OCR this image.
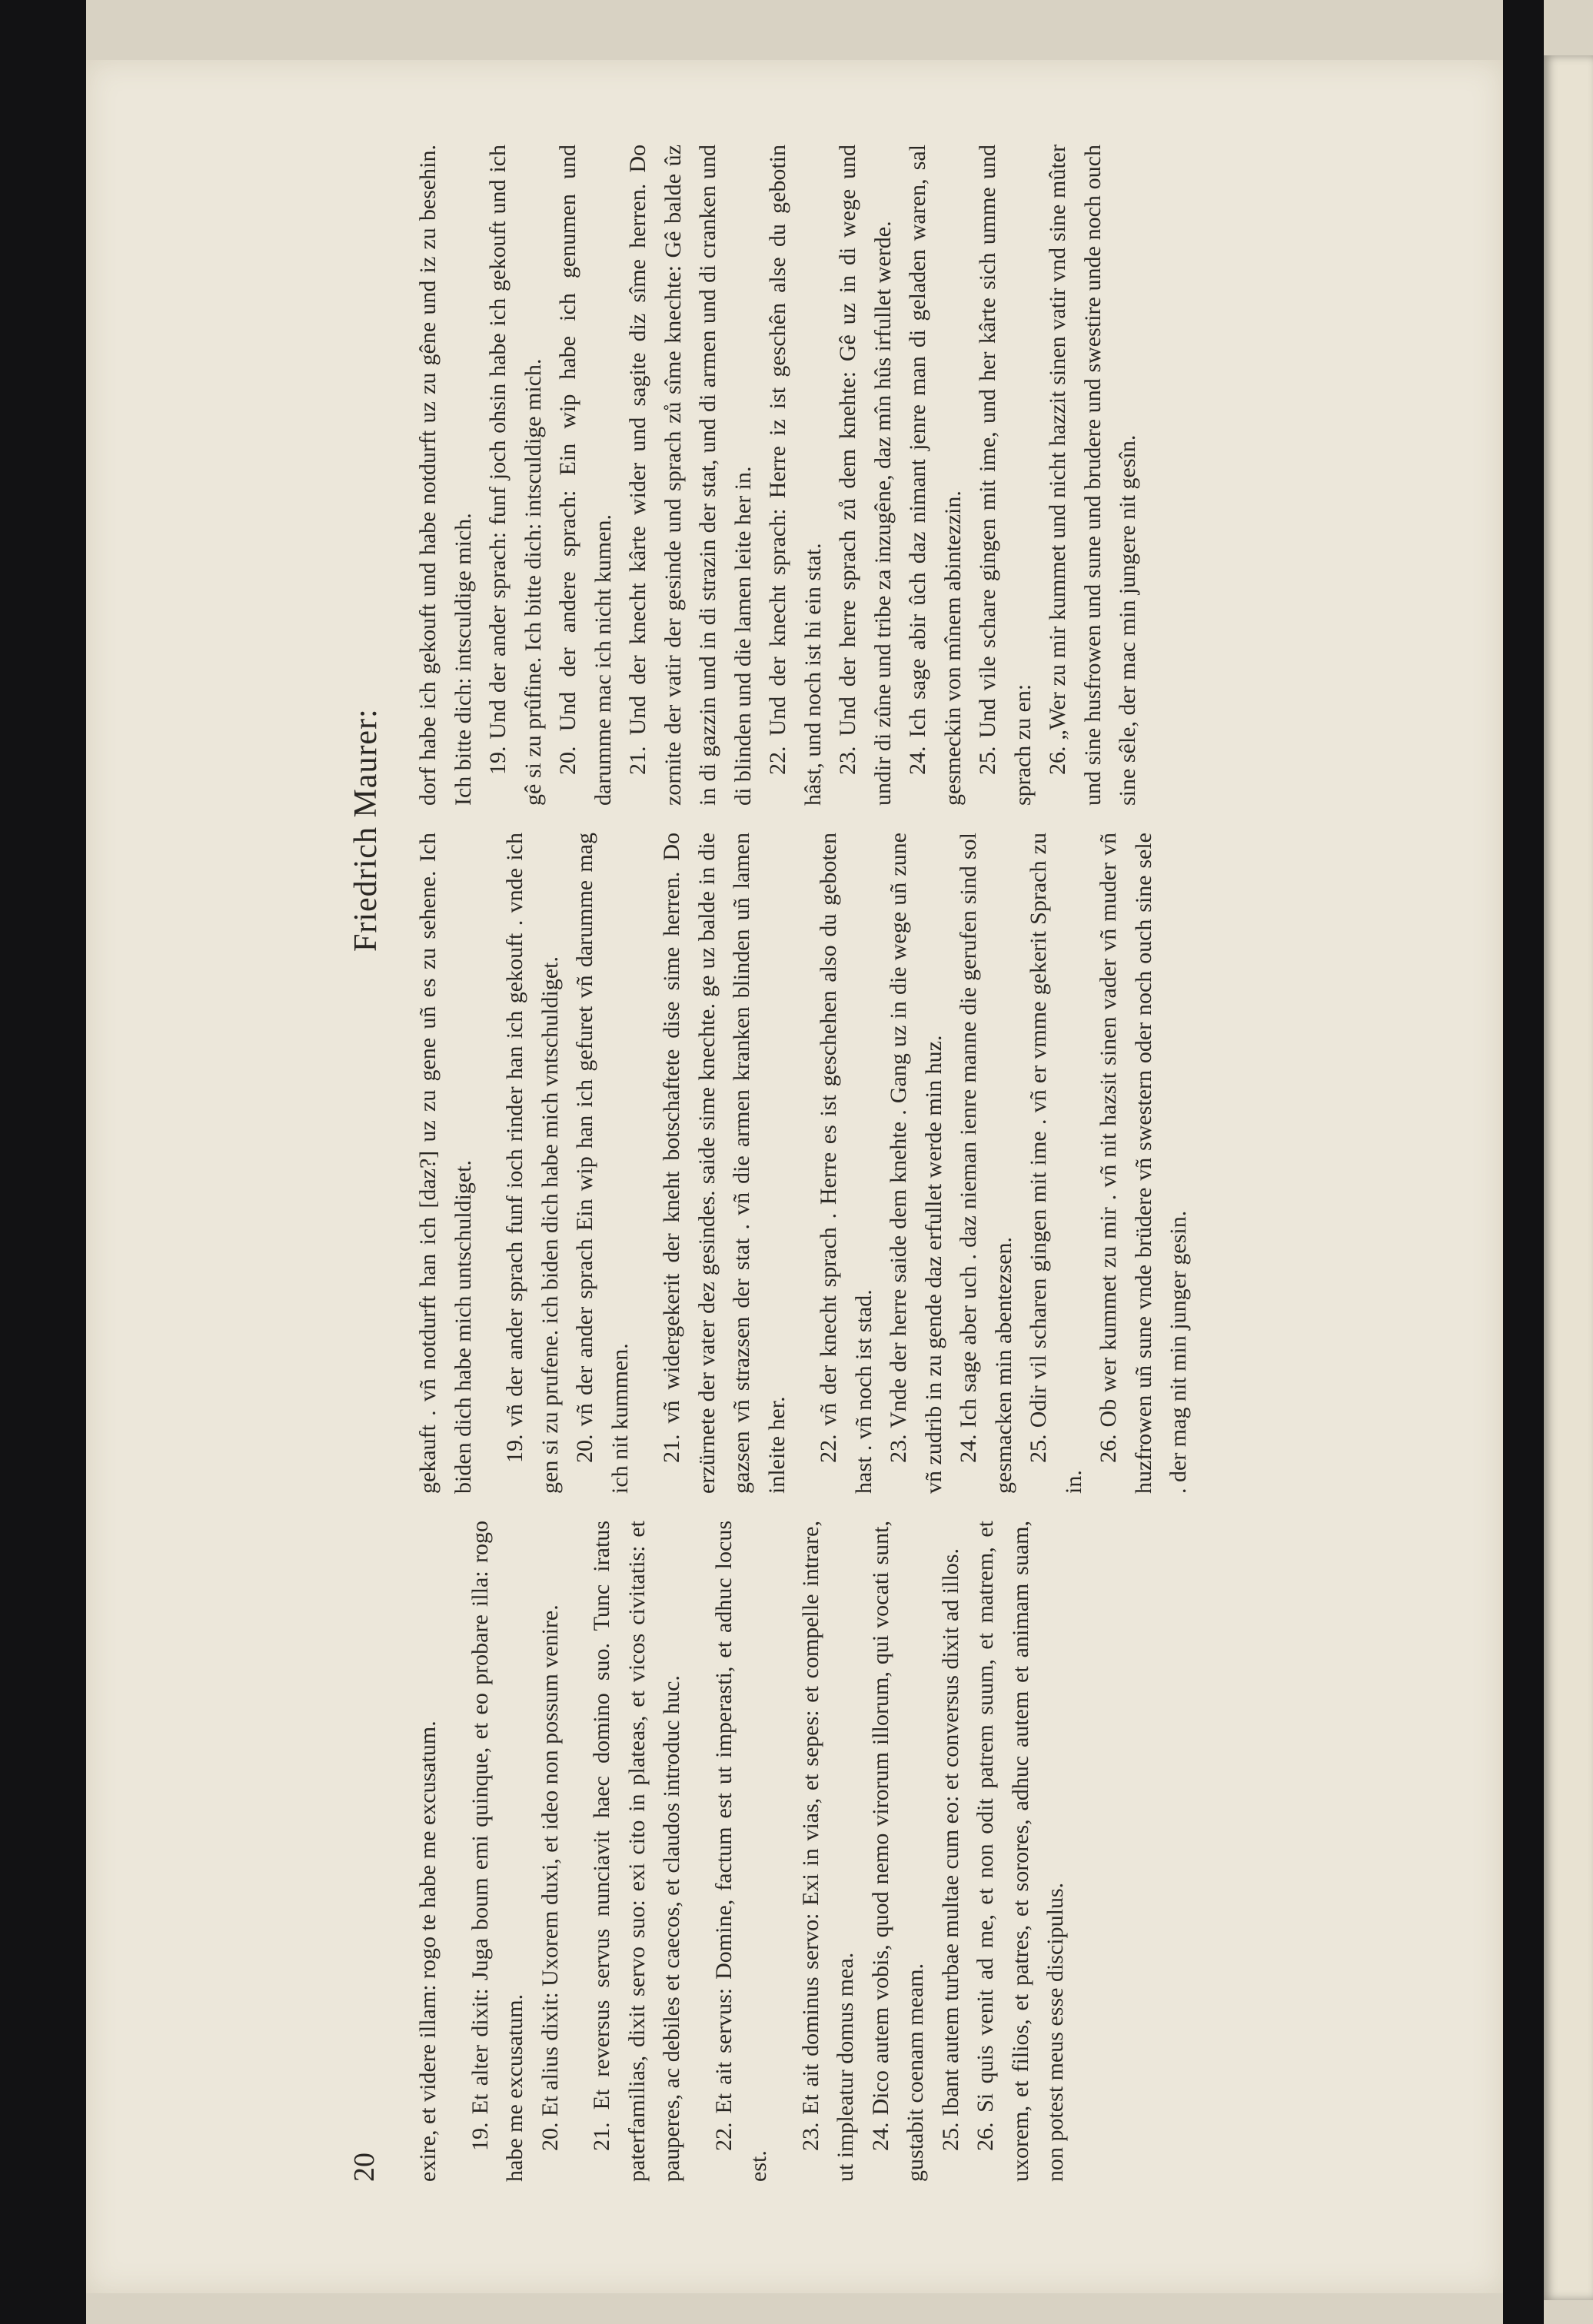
20
Friedrich Maurer:

exire, et videre illam: rogo te habe me excusatum. 19. Et alter dixit: Juga boum emi quinque, et eo probare illa: rogo habe me excusatum. 20. Et alius dixit: Uxorem duxi, et ideo non possum venire. 21. Et reversus servus nunciavit haec domino suo. Tunc iratus paterfamilias, dixit servo suo: exi cito in plateas, et vicos civitatis: et pauperes, ac debiles et caecos, et claudos introduc huc. 22. Et ait servus: Domine, factum est ut imperasti, et adhuc locus est.

23. Et ait dominus servo: Exi in vias, et sepes: et compelle intrare, ut impleatur domus mea. 24. Dico autem vobis, quod nemo virorum illorum, qui vocati sunt, gustabit coenam meam. 25. Ibant autem turbae multae cum eo: et conversus dixit ad illos. 26. Si quis venit ad me, et non odit patrem suum, et matrem, et uxorem, et filios, et patres, et sorores, adhuc autem et animam suam, non potest meus esse discipulus.

gekauft . vñ notdurft han ich [daz?] uz zu gene uñ es zu sehene. Ich biden dich habe mich untschuldiget. 19. vñ der ander sprach funf ioch rinder han ich gekouft . vnde ich gen si zu prufene. ich biden dich habe mich vntschuldiget. 20. vñ der ander sprach Ein wip han ich gefuret vñ darumme mag ich nit kummen. 21. vñ widergekerit der kneht botschaftete dise sime herren. Do erzürnete der vater dez gesindes. saide sime knechte. ge uz balde in die gazsen vñ strazsen der stat . vñ die armen kranken blinden uñ lamen inleite her. 22. vñ der knecht sprach . Herre es ist geschehen also du geboten hast . vñ noch ist stad. 23. Vnde der herre saide dem knehte . Gang uz in die wege uñ zune vñ zudrib in zu gende daz erfullet werde min huz. 24. Ich sage aber uch . daz nieman ienre manne die gerufen sind sol gesmacken min abentezsen. 25. Odir vil scharen gingen mit ime . vñ er vmme gekerit Sprach zu in.

26. Ob wer kummet zu mir . vñ nit hazsit sinen vader vñ muder vñ huzfrowen uñ sune vnde brüdere vñ swestern oder noch ouch sine sele . der mag nit min junger gesin.

dorf habe ich gekouft und habe notdurft uz zu gêne und iz zu besehin. Ich bitte dich: intsculdige mich. 19. Und der ander sprach: funf joch ohsin habe ich gekouft und ich gê si zu prûfine. Ich bitte dich: intsculdige mich. 20. Und der andere sprach: Ein wip habe ich genumen und darumme mac ich nicht kumen. 21. Und der knecht kârte wider und sagite diz sîme herren. Do zornite der vatir der gesinde und sprach zů sîme knechte: Gê balde ûz in di gazzin und in di strazin der stat, und di armen und di cranken und di blinden und die lamen leite her in. 22. Und der knecht sprach: Herre iz ist geschên alse du gebotin hâst, und noch ist hi ein stat. 23. Und der herre sprach zů dem knehte: Gê uz in di wege und undir di zûne und tribe za inzugêne, daz mîn hûs irfullet werde. 24. Ich sage abir ûch daz nimant jenre man di geladen waren, sal gesmeckin von mînem abintezzin. 25. Und vile schare gingen mit ime, und her kârte sich umme und sprach zu en: 26. „Wer zu mir kummet und nicht hazzit sinen vatir vnd sine mûter und sine husfrowen und sune und brudere und swestire unde noch ouch sine sêle, der mac min jungere nit gesîn.
